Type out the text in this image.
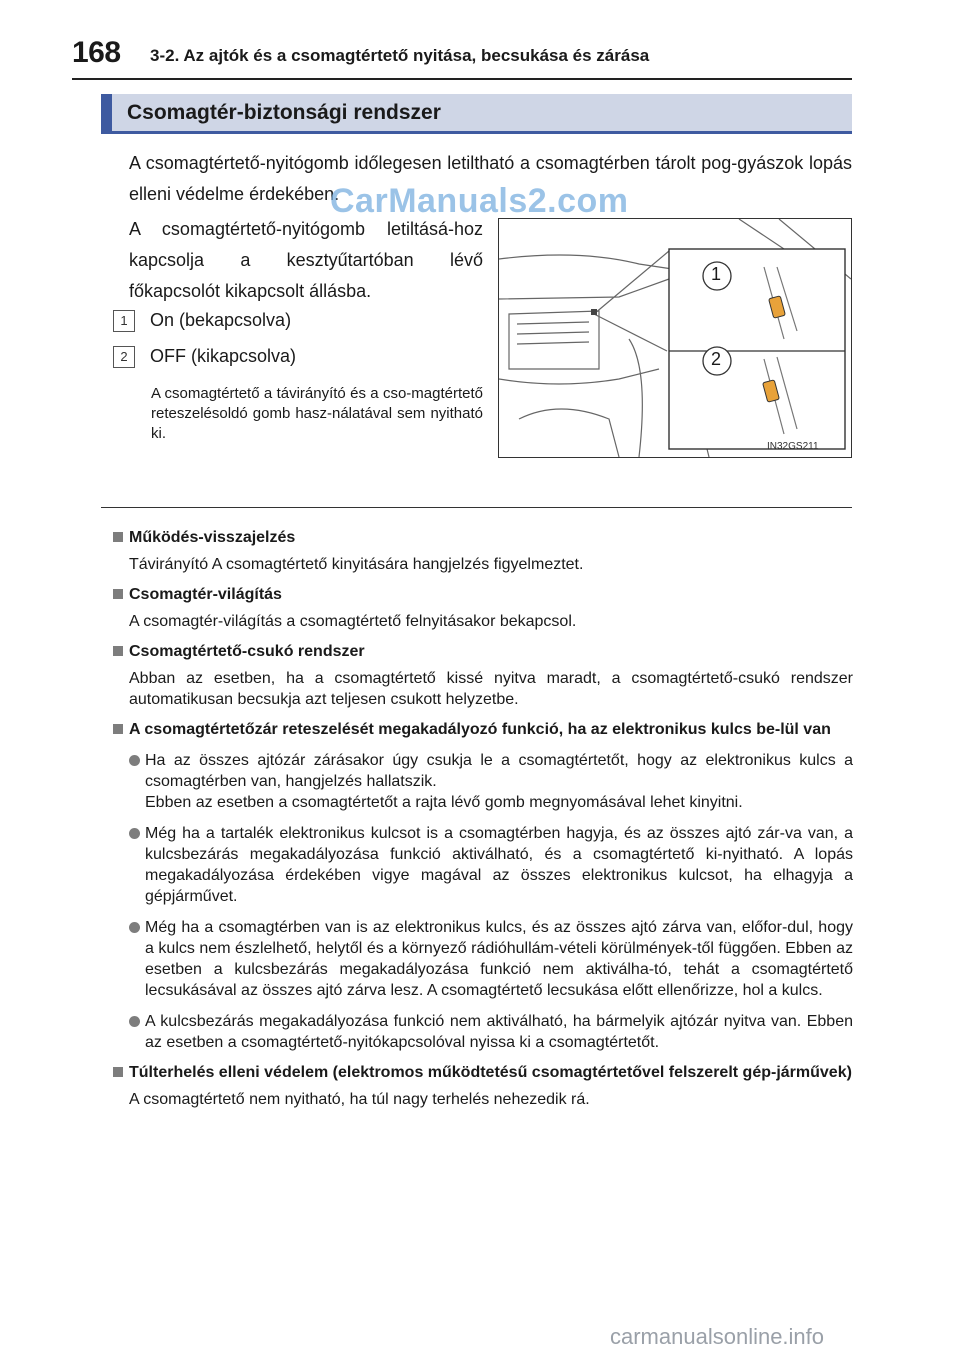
168 3-2. Az ajtók és a csomagtértető nyitása, becsukása és zárása
Csomagtér-biztonsági rendszer
A csomagtértető-nyitógomb időlegesen letiltható a csomagtérben tárolt pog-gyászok lopás elleni védelme érdekében.
A csomagtértető-nyitógomb letiltásá-hoz kapcsolja a kesztyűtartóban lévő főkapcsolót kikapcsolt állásba.
1 On (bekapcsolva)
2 OFF (kikapcsolva)
A csomagtértető a távirányító és a cso-magtértető reteszelésoldó gomb hasz-nálatával sem nyitható ki.
1
2
IN32GS211
CarManuals2.com
Működés-visszajelzés
Távirányító A csomagtértető kinyitására hangjelzés figyelmeztet.
Csomagtér-világítás
A csomagtér-világítás a csomagtértető felnyitásakor bekapcsol.
Csomagtértető-csukó rendszer
Abban az esetben, ha a csomagtértető kissé nyitva maradt, a csomagtértető-csukó rendszer automatikusan becsukja azt teljesen csukott helyzetbe.
A csomagtértetőzár reteszelését megakadályozó funkció, ha az elektronikus kulcs be-lül van
Ha az összes ajtózár zárásakor úgy csukja le a csomagtértetőt, hogy az elektronikus kulcs a csomagtérben van, hangjelzés hallatszik.
Ebben az esetben a csomagtértetőt a rajta lévő gomb megnyomásával lehet kinyitni.
Még ha a tartalék elektronikus kulcsot is a csomagtérben hagyja, és az összes ajtó zár-va van, a kulcsbezárás megakadályozása funkció aktiválható, és a csomagtértető ki-nyitható. A lopás megakadályozása érdekében vigye magával az összes elektronikus kulcsot, ha elhagyja a gépjárművet.
Még ha a csomagtérben van is az elektronikus kulcs, és az összes ajtó zárva van, előfor-dul, hogy a kulcs nem észlelhető, helytől és a környező rádióhullám-vételi körülmények-től függően. Ebben az esetben a kulcsbezárás megakadályozása funkció nem aktiválha-tó, tehát a csomagtértető lecsukásával az összes ajtó zárva lesz. A csomagtértető lecsukása előtt ellenőrizze, hol a kulcs.
A kulcsbezárás megakadályozása funkció nem aktiválható, ha bármelyik ajtózár nyitva van. Ebben az esetben a csomagtértető-nyitókapcsolóval nyissa ki a csomagtértetőt.
Túlterhelés elleni védelem (elektromos működtetésű csomagtértetővel felszerelt gép-járművek)
A csomagtértető nem nyitható, ha túl nagy terhelés nehezedik rá.
carmanualsonline.info
